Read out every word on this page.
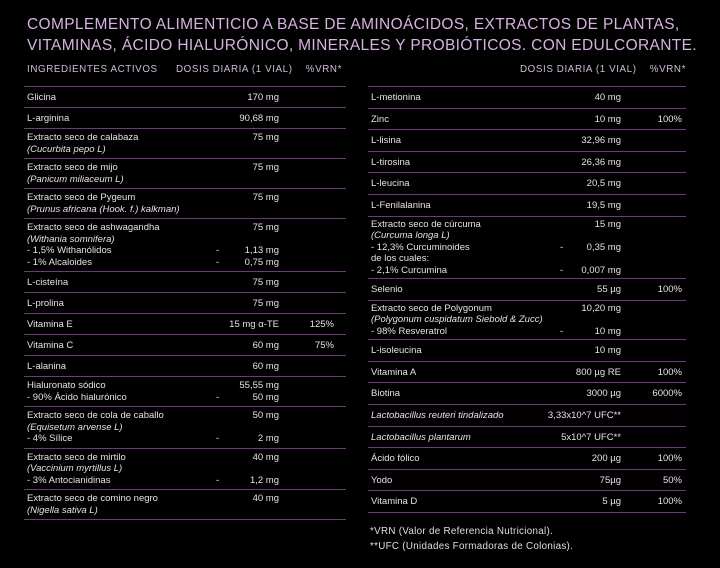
COMPLEMENTO ALIMENTICIO A BASE DE AMINOÁCIDOS, EXTRACTOS DE PLANTAS,
VITAMINAS, ÁCIDO HIALURÓNICO, MINERALES Y PROBIÓTICOS. CON EDULCORANTE.
INGREDIENTES ACTIVOS DOSIS DIARIA (1 VIAL) %VRN*
Glicina	170 mg
L-arginina	90,68 mg
Extracto seco de calabaza	75 mg
(Cucurbita pepo L)
Extracto seco de mijo	75 mg
(Panicum miliaceum L)
Extracto seco de Pygeum	75 mg
(Prunus africana (Hook. f.) kalkman)
Extracto seco de ashwagandha	75 mg
(Withania somnifera)
- 1,5% Withanólidos	-	1,13 mg
- 1% Alcaloides	-	0,75 mg
L-cisteína	75 mg
L-prolina	75 mg
Vitamina E	15 mg α-TE	125%
Vitamina C	60 mg	75%
L-alanina	60 mg
Hialuronato sódico	55,55 mg
- 90% Ácido hialurónico	-	50 mg
Extracto seco de cola de caballo	50 mg
(Equisetum arvense L)
- 4% Sílice	-	2 mg
Extracto seco de mirtilo	40 mg
(Vaccinium myrtillus L)
- 3% Antocianidinas	-	1,2 mg
Extracto seco de comino negro	40 mg
(Nigella sativa L)
DOSIS DIARIA (1 VIAL) %VRN*
L-metionina	40 mg
Zinc	10 mg	100%
L-lisina	32,96 mg
L-tirosina	26,36 mg
L-leucina	20,5 mg
L-Fenilalanina	19,5 mg
Extracto seco de cúrcuma	15 mg
(Curcuma longa L)
- 12,3% Curcuminoides	- 0,35 mg
de los cuales:
- 2,1% Curcumina	- 0,007 mg
Selenio	55 µg	100%
Extracto seco de Polygonum	10,20 mg
(Polygonum cuspidatum Siebold & Zucc)
- 98% Resveratrol	-	10 mg
L-isoleucina	10 mg
Vitamina A	800 µg RE	100%
Biotina	3000 µg	6000%
Lactobacillus reuteri tindalizado	3,33x10^7 UFC**
Lactobacillus plantarum	5x10^7 UFC**
Ácido fólico	200 µg	100%
Yodo	75µg	50%
Vitamina D	5 µg	100%
*VRN (Valor de Referencia Nutricional).
**UFC (Unidades Formadoras de Colonias).
